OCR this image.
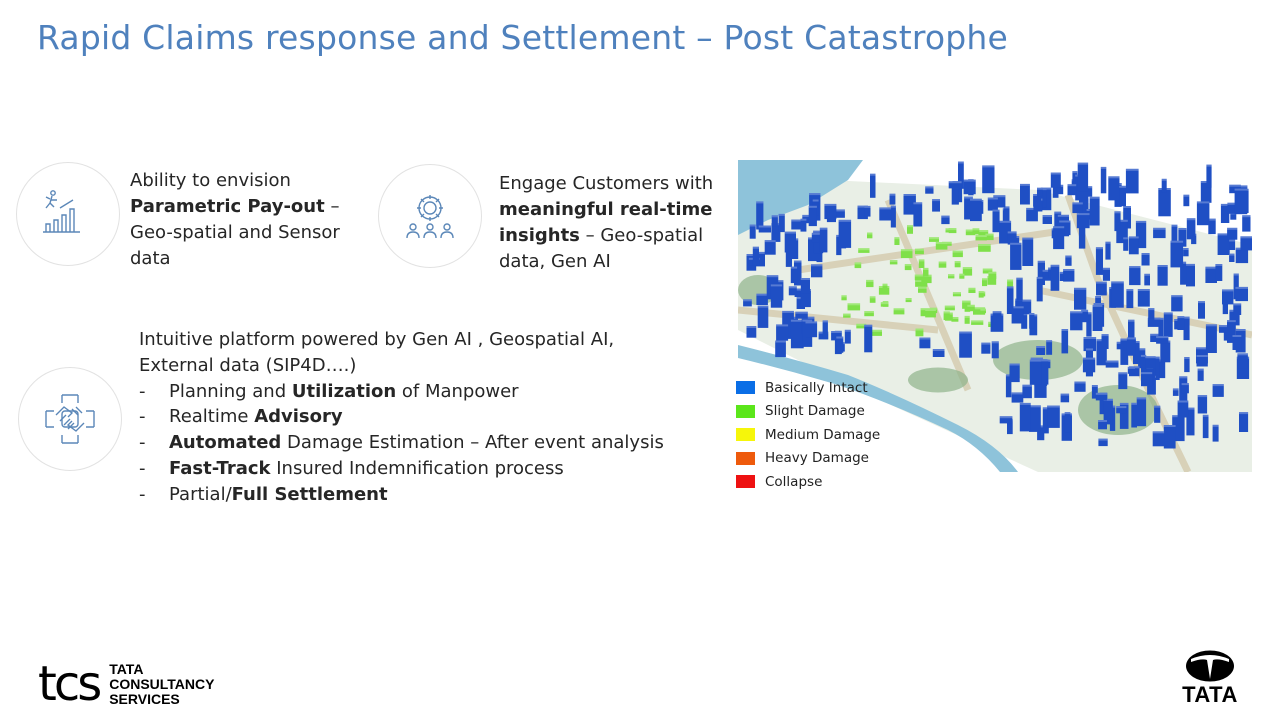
Rapid Claims response and Settlement – Post Catastrophe
Ability to envision
Parametric Pay-out –
Geo-spatial and Sensor
data
Engage Customers with
meaningful real-time
insights – Geo-spatial
data, Gen AI
Intuitive platform powered by Gen AI , Geospatial AI, External data (SIP4D….)
- Planning and Utilization of Manpower
- Realtime Advisory
- Automated Damage Estimation – After event analysis
- Fast-Track Insured Indemnification process
- Partial/Full Settlement
Basically Intact
Slight Damage
Medium Damage
Heavy Damage
Collapse
tcs TATA
CONSULTANCY
SERVICES	TATA
